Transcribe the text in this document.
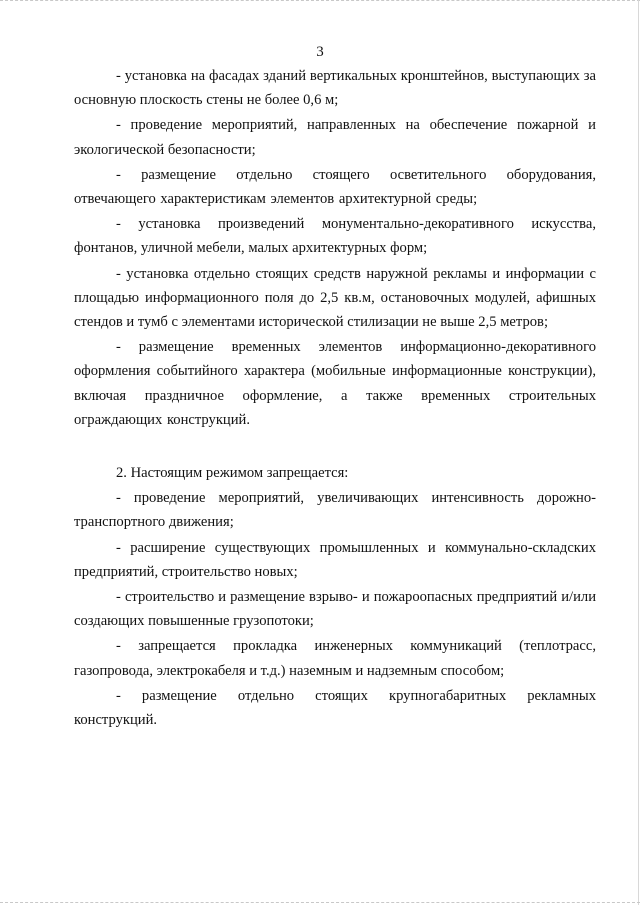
3

- установка на фасадах зданий вертикальных кронштейнов, выступающих за основную плоскость стены не более 0,6 м;

- проведение мероприятий, направленных на обеспечение пожарной и экологической безопасности;

- размещение отдельно стоящего осветительного оборудования, отвечающего характеристикам элементов архитектурной среды;

- установка произведений монументально-декоративного искусства, фонтанов, уличной мебели, малых архитектурных форм;

- установка отдельно стоящих средств наружной рекламы и информации с площадью информационного поля до 2,5 кв.м, остановочных модулей, афишных стендов и тумб с элементами исторической стилизации не выше 2,5 метров;

- размещение временных элементов информационно-декоративного оформления событийного характера (мобильные информационные конструкции), включая праздничное оформление, а также временных строительных ограждающих конструкций.

2. Настоящим режимом запрещается:

- проведение мероприятий, увеличивающих интенсивность дорожно-транспортного движения;

- расширение существующих промышленных и коммунально-складских предприятий, строительство новых;

- строительство и размещение взрыво- и пожароопасных предприятий и/или создающих повышенные грузопотоки;

- запрещается прокладка инженерных коммуникаций (теплотрасс, газопровода, электрокабеля и т.д.) наземным и надземным способом;

- размещение отдельно стоящих крупногабаритных рекламных конструкций.
